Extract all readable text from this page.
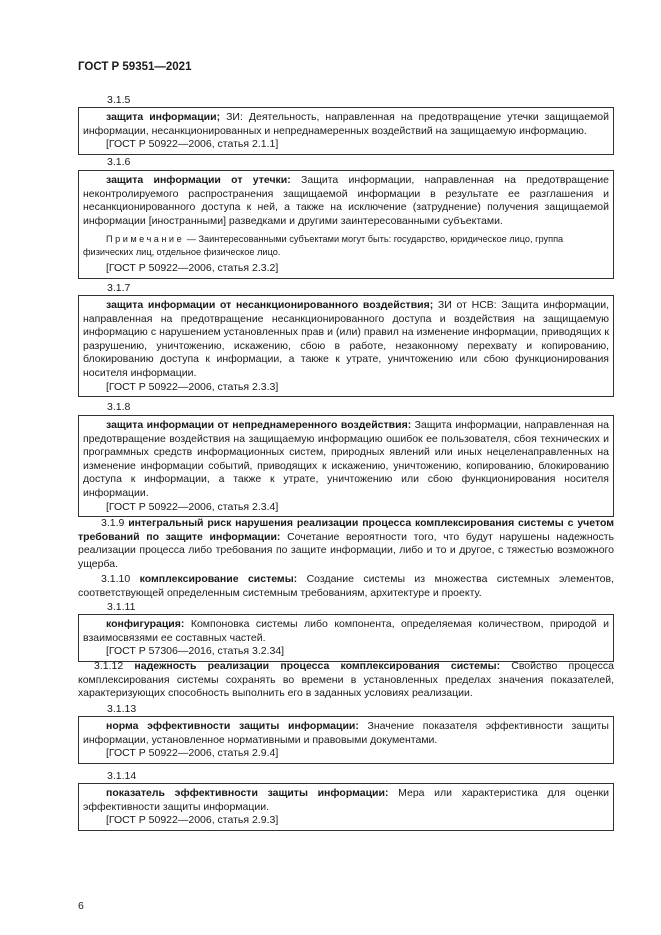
ГОСТ Р 59351—2021
3.1.5

защита информации; ЗИ: Деятельность, направленная на предотвращение утечки защищаемой информации, несанкционированных и непреднамеренных воздействий на защищаемую информацию.

[ГОСТ Р 50922—2006, статья 2.1.1]

3.1.6

защита информации от утечки: Защита информации, направленная на предотвращение неконтролируемого распространения защищаемой информации в результате ее разглашения и несанкционированного доступа к ней, а также на исключение (затруднение) получения защищаемой информации [иностранными] разведками и другими заинтересованными субъектами.

Примечание — Заинтересованными субъектами могут быть: государство, юридическое лицо, группа физических лиц, отдельное физическое лицо.

[ГОСТ Р 50922—2006, статья 2.3.2]

3.1.7

защита информации от несанкционированного воздействия; ЗИ от НСВ: Защита информации, направленная на предотвращение несанкционированного доступа и воздействия на защищаемую информацию с нарушением установленных прав и (или) правил на изменение информации, приводящих к разрушению, уничтожению, искажению, сбою в работе, незаконному перехвату и копированию, блокированию доступа к информации, а также к утрате, уничтожению или сбою функционирования носителя информации.

[ГОСТ Р 50922—2006, статья 2.3.3]

3.1.8

защита информации от непреднамеренного воздействия: Защита информации, направленная на предотвращение воздействия на защищаемую информацию ошибок ее пользователя, сбоя технических и программных средств информационных систем, природных явлений или иных нецеленаправленных на изменение информации событий, приводящих к искажению, уничтожению, копированию, блокированию доступа к информации, а также к утрате, уничтожению или сбою функционирования носителя информации.

[ГОСТ Р 50922—2006, статья 2.3.4]

3.1.9 интегральный риск нарушения реализации процесса комплексирования системы с учетом требований по защите информации: Сочетание вероятности того, что будут нарушены надежность реализации процесса либо требования по защите информации, либо и то и другое, с тяжестью возможного ущерба.

3.1.10 комплексирование системы: Создание системы из множества системных элементов, соответствующей определенным системным требованиям, архитектуре и проекту.

3.1.11

конфигурация: Компоновка системы либо компонента, определяемая количеством, природой и взаимосвязями ее составных частей.

[ГОСТ Р 57306—2016, статья 3.2.34]

3.1.12 надежность реализации процесса комплексирования системы: Свойство процесса комплексирования системы сохранять во времени в установленных пределах значения показателей, характеризующих способность выполнить его в заданных условиях реализации.

3.1.13

норма эффективности защиты информации: Значение показателя эффективности защиты информации, установленное нормативными и правовыми документами.

[ГОСТ Р 50922—2006, статья 2.9.4]

3.1.14

показатель эффективности защиты информации: Мера или характеристика для оценки эффективности защиты информации.

[ГОСТ Р 50922—2006, статья 2.9.3]

6
